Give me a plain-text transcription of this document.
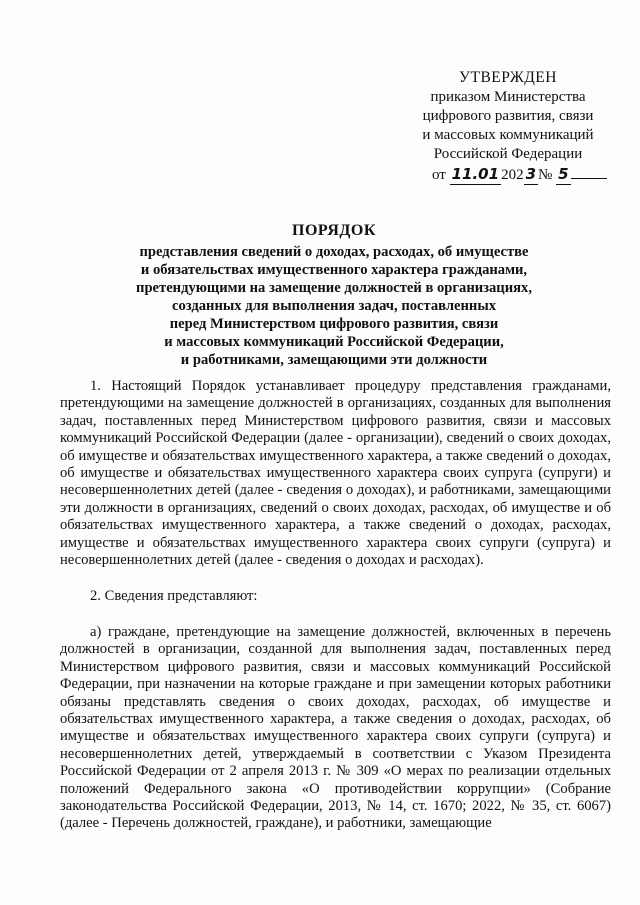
УТВЕРЖДЕН
приказом Министерства
цифрового развития, связи
и массовых коммуникаций
Российской Федерации
от 11.01 202 3 № 5
ПОРЯДОК
представления сведений о доходах, расходах, об имуществе
и обязательствах имущественного характера гражданами,
претендующими на замещение должностей в организациях,
созданных для выполнения задач, поставленных
перед Министерством цифрового развития, связи
и массовых коммуникаций Российской Федерации,
и работниками, замещающими эти должности

1. Настоящий Порядок устанавливает процедуру представления гражданами, претендующими на замещение должностей в организациях, созданных для выполнения задач, поставленных перед Министерством цифрового развития, связи и массовых коммуникаций Российской Федерации (далее - организации), сведений о своих доходах, об имуществе и обязательствах имущественного характера, а также сведений о доходах, об имуществе и обязательствах имущественного характера своих супруга (супруги) и несовершеннолетних детей (далее - сведения о доходах), и работниками, замещающими эти должности в организациях, сведений о своих доходах, расходах, об имуществе и об обязательствах имущественного характера, а также сведений о доходах, расходах, имуществе и обязательствах имущественного характера своих супруги (супруга) и несовершеннолетних детей (далее - сведения о доходах и расходах).

2. Сведения представляют:

а) граждане, претендующие на замещение должностей, включенных в перечень должностей в организации, созданной для выполнения задач, поставленных перед Министерством цифрового развития, связи и массовых коммуникаций Российской Федерации, при назначении на которые граждане и при замещении которых работники обязаны представлять сведения о своих доходах, расходах, об имуществе и обязательствах имущественного характера, а также сведения о доходах, расходах, об имуществе и обязательствах имущественного характера своих супруги (супруга) и несовершеннолетних детей, утверждаемый в соответствии с Указом Президента Российской Федерации от 2 апреля 2013 г. № 309 «О мерах по реализации отдельных положений Федерального закона «О противодействии коррупции» (Собрание законодательства Российской Федерации, 2013, № 14, ст. 1670; 2022, № 35, ст. 6067) (далее - Перечень должностей, граждане), и работники, замещающие
